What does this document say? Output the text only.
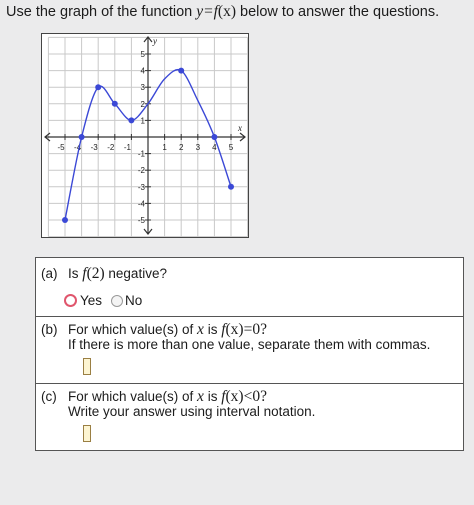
Use the graph of the function y=f(x) below to answer the questions.
-5 -4 -3 -2 -1	1 2 3 4 5
5
4
3
2
1
-1
-2
-3
-4
-5
x
y
(a) Is f(2) negative?
Yes No
(b) For which value(s) of x is f(x)=0?
If there is more than one value, separate them with commas.
(c) For which value(s) of x is f(x)<0?
Write your answer using interval notation.
